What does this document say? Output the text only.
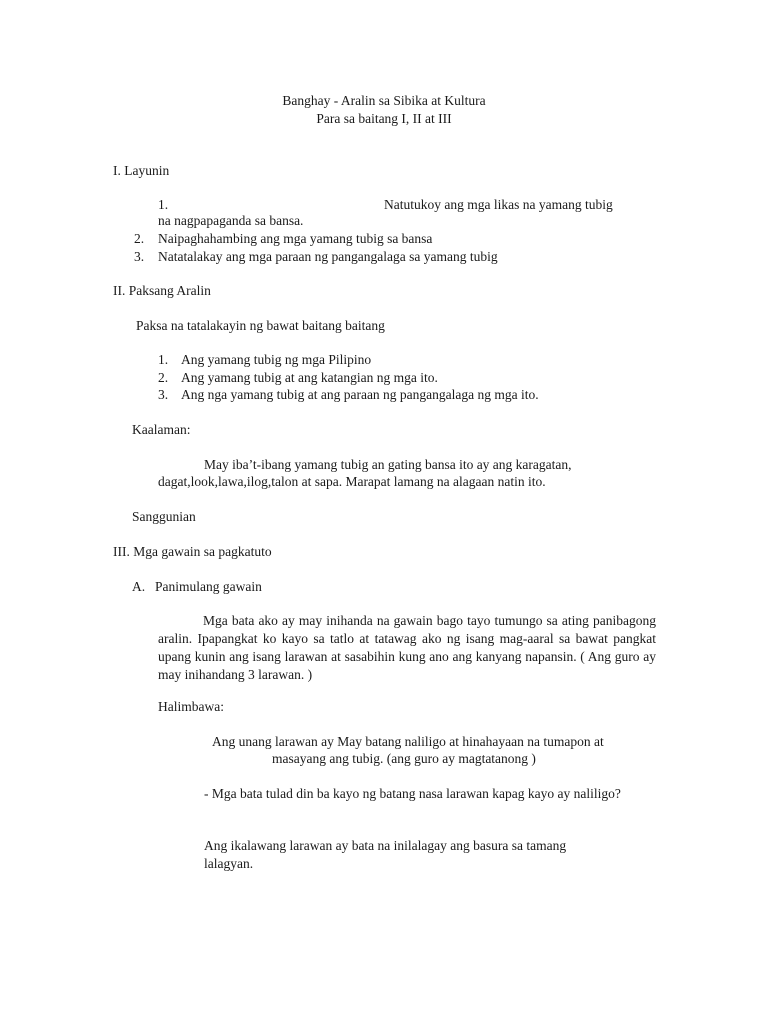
Banghay - Aralin sa Sibika at Kultura
Para sa baitang I, II at III
I. Layunin
1.	Natutukoy ang mga likas na yamang tubig
na nagpapaganda sa bansa.
2. Naipaghahambing ang mga yamang tubig sa bansa
3. Natatalakay ang mga paraan ng pangangalaga sa yamang tubig
II. Paksang Aralin
Paksa na tatalakayin ng bawat baitang baitang
1. Ang yamang tubig ng mga Pilipino
2. Ang yamang tubig at ang katangian ng mga ito.
3. Ang nga yamang tubig at ang paraan ng pangangalaga ng mga ito.
Kaalaman:
May iba’t-ibang yamang tubig an gating bansa ito ay ang karagatan,
dagat,look,lawa,ilog,talon at sapa. Marapat lamang na alagaan natin ito.
Sanggunian
III. Mga gawain sa pagkatuto
A. Panimulang gawain
Mga bata ako ay may inihanda na gawain bago tayo tumungo sa ating panibagong aralin. Ipapangkat ko kayo sa tatlo at tatawag ako ng isang mag-aaral sa bawat pangkat upang kunin ang isang larawan at sasabihin kung ano ang kanyang napansin. ( Ang guro ay may inihandang 3 larawan. )
Halimbawa:
Ang unang larawan ay May batang naliligo at hinahayaan na tumapon at
masayang ang tubig. (ang guro ay magtatanong )
- Mga bata tulad din ba kayo ng batang nasa larawan kapag kayo ay naliligo?
Ang ikalawang larawan ay bata na inilalagay ang basura sa tamang
lalagyan.
